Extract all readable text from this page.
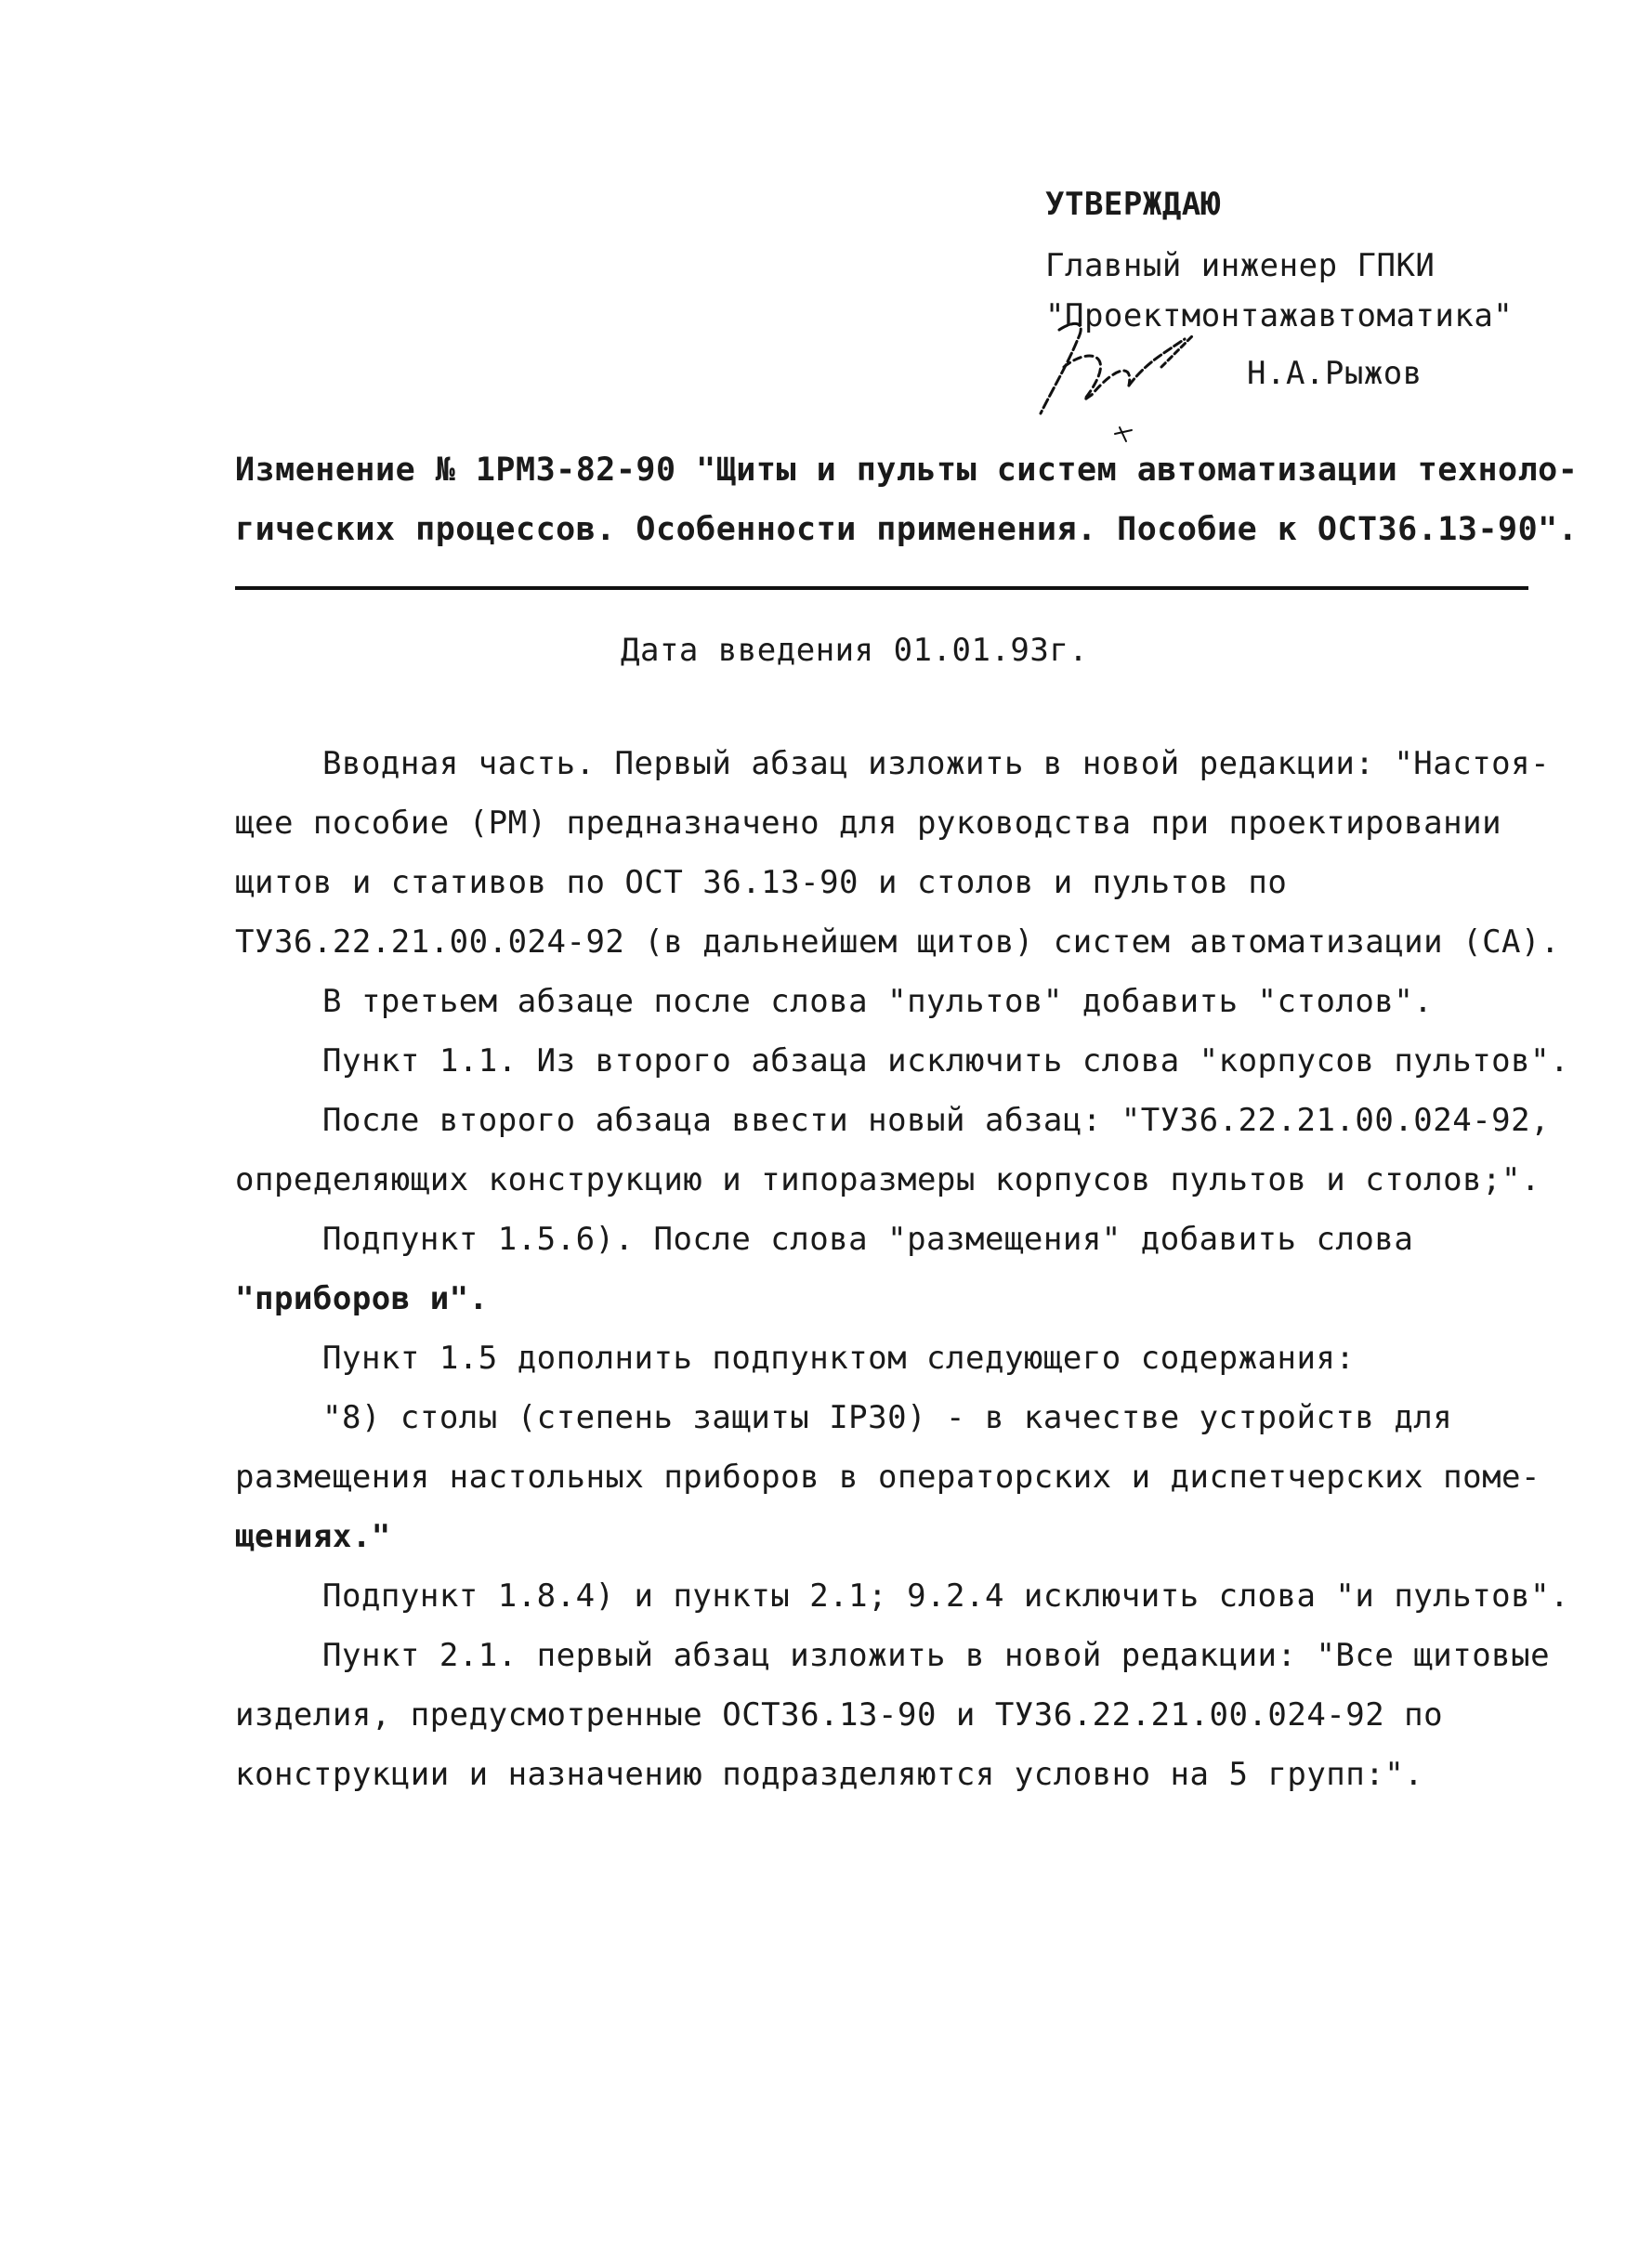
УТВЕРЖДАЮ
Главный инженер ГПКИ
"Проектмонтажавтоматика"
Н.А.Рыжов
Изменение № 1РМЗ-82-90 "Щиты и пульты систем автоматизации техноло-
гических процессов. Особенности применения. Пособие к ОСТ36.13-90".
Дата введения 01.01.93г.
Вводная часть. Первый абзац изложить в новой редакции: "Настоя-
щее пособие (РМ) предназначено для руководства при проектировании
щитов и стативов по ОСТ 36.13-90 и столов и пультов по
ТУ36.22.21.00.024-92 (в дальнейшем щитов) систем автоматизации (СА).
В третьем абзаце после слова "пультов" добавить "столов".
Пункт 1.1. Из второго абзаца исключить слова "корпусов пультов".
После второго абзаца ввести новый абзац: "ТУ36.22.21.00.024-92,
определяющих конструкцию и типоразмеры корпусов пультов и столов;".
Подпункт 1.5.6). После слова "размещения" добавить слова
"приборов и".
Пункт 1.5 дополнить подпунктом следующего содержания:
"8) столы (степень защиты IP30) - в качестве устройств для
размещения настольных приборов в операторских и диспетчерских поме-
щениях."
Подпункт 1.8.4) и пункты 2.1; 9.2.4 исключить слова "и пультов".
Пункт 2.1. первый абзац изложить в новой редакции: "Все щитовые
изделия, предусмотренные ОСТ36.13-90 и ТУ36.22.21.00.024-92 по
конструкции и назначению подразделяются условно на 5 групп:".
